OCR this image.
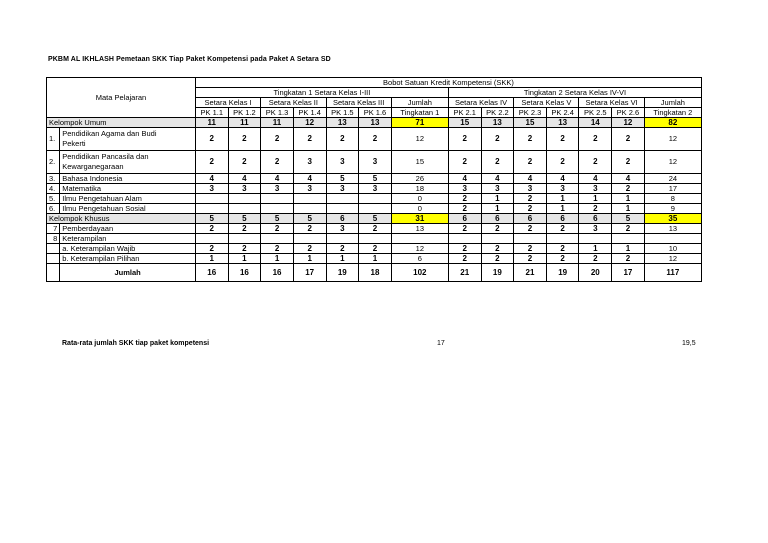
PKBM AL IKHLASH Pemetaan SKK Tiap Paket Kompetensi pada Paket A Setara SD
Mata Pelajaran		Bobot Satuan Kredit Kompetensi (SKK)													
		Tingkatan 1 Setara Kelas I-III							Tingkatan 2 Setara Kelas IV-VI						
		Setara Kelas I		Setara Kelas II		Setara Kelas III		Jumlah	Setara Kelas IV		Setara Kelas V		Setara Kelas VI		Jumlah
		PK 1.1	PK 1.2	PK 1.3	PK 1.4	PK 1.5	PK 1.6	Tingkatan 1	PK 2.1	PK 2.2	PK 2.3	PK 2.4	PK 2.5	PK 2.6	Tingkatan 2
Kelompok Umum		11	11	11	12	13	13	71	15	13	15	13	14	12	82
1.	Pendidikan Agama dan Budi
Pekerti	2	2	2	2	2	2	12	2	2	2	2	2	2	12
2.	Pendidikan Pancasila dan
Kewarganegaraan	2	2	2	3	3	3	15	2	2	2	2	2	2	12
3.	Bahasa Indonesia	4	4	4	4	5	5	26	4	4	4	4	4	4	24
4.	Matematika	3	3	3	3	3	3	18	3	3	3	3	3	2	17
5.	Ilmu Pengetahuan Alam							0	2	1	2	1	1	1	8
6.	Ilmu Pengetahuan Sosial							0	2	1	2	1	2	1	9
Kelompok Khusus		5	5	5	5	6	5	31	6	6	6	6	6	5	35
7	Pemberdayaan	2	2	2	2	3	2	13	2	2	2	2	3	2	13
8	Keterampilan														

	a. Keterampilan Wajib	2	2	2	2	2	2	12	2	2	2	2	1	1	10

	b. Keterampilan Pilihan	1	1	1	1	1	1	6	2	2	2	2	2	2	12
	Jumlah	16	16	16	17	19	18	102	21	19	21	19	20	17	117
Rata-rata jumlah SKK tiap paket kompetensi	17	19,5
